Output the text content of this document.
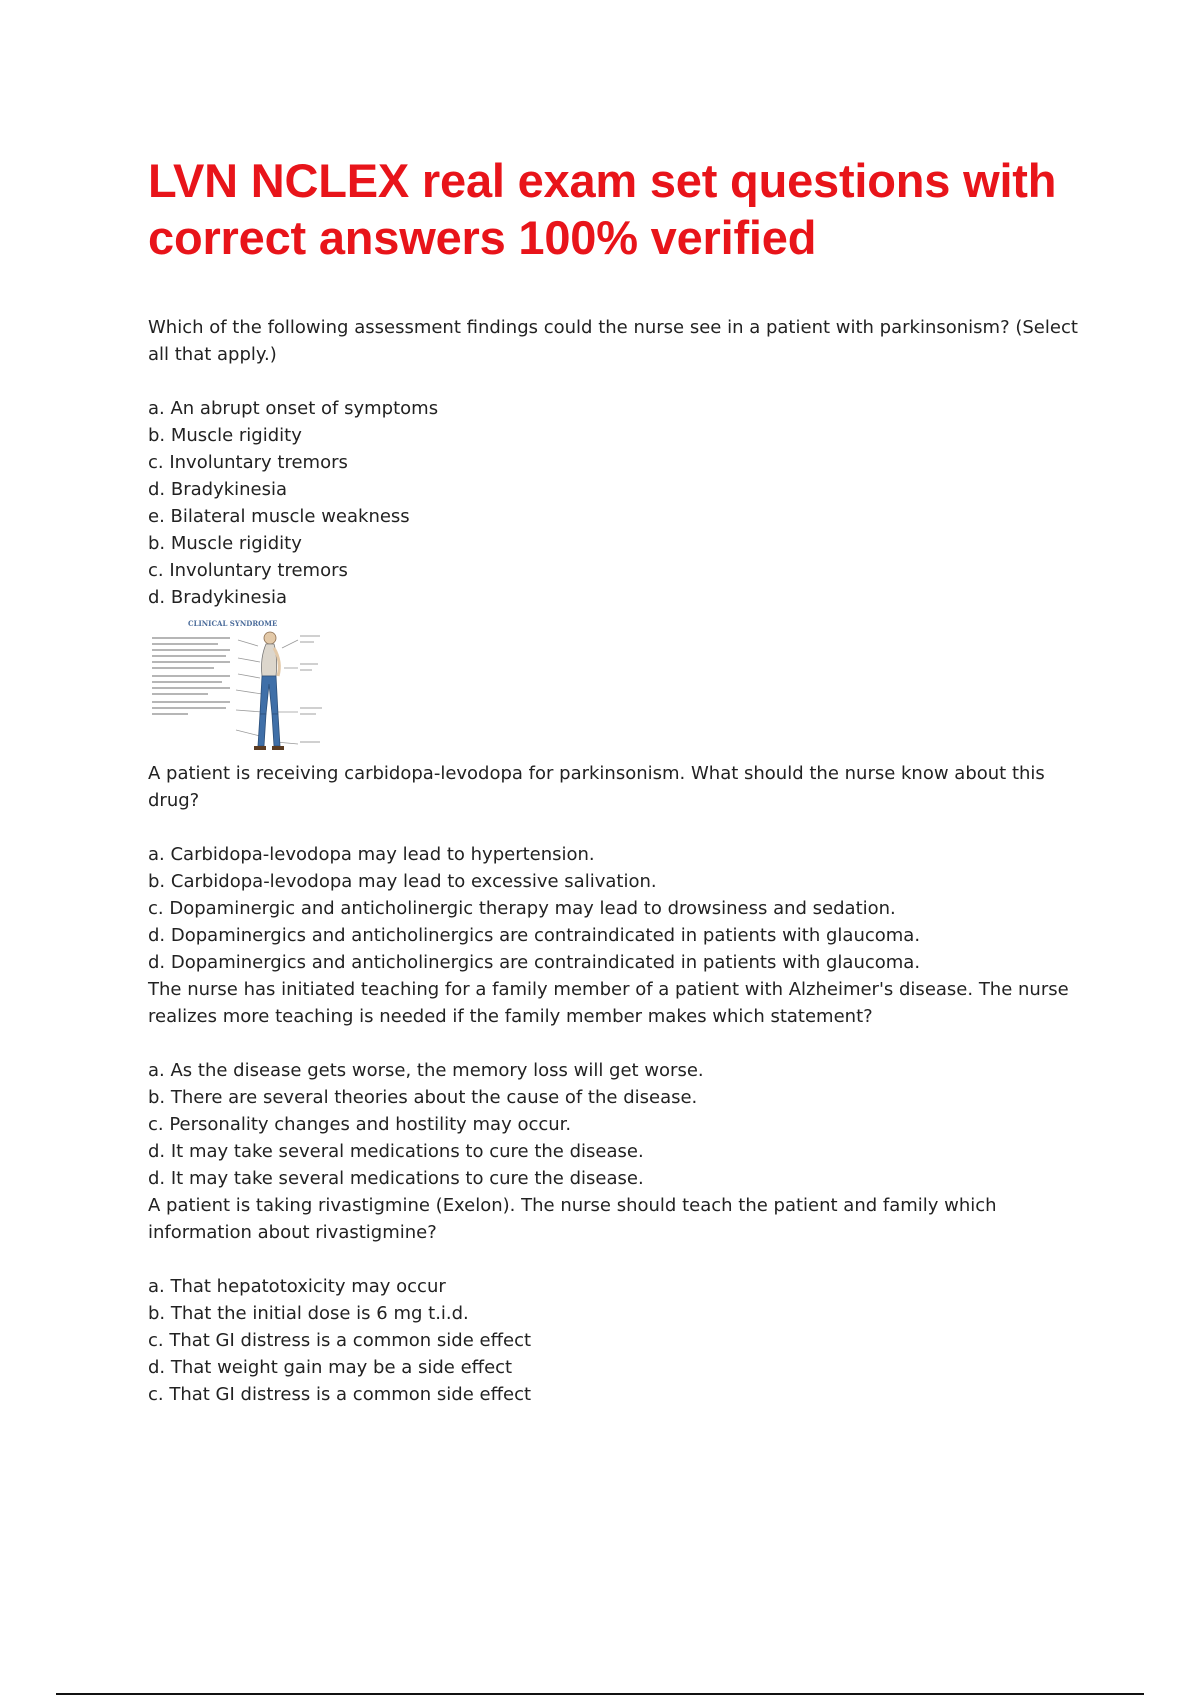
LVN NCLEX real exam set questions with
correct answers 100% verified

Which of the following assessment findings could the nurse see in a patient with parkinsonism? (Select
all that apply.)

a. An abrupt onset of symptoms
b. Muscle rigidity
c. Involuntary tremors
d. Bradykinesia
e. Bilateral muscle weakness
b. Muscle rigidity
c. Involuntary tremors
d. Bradykinesia
CLINICAL SYNDROME

A patient is receiving carbidopa-levodopa for parkinsonism. What should the nurse know about this
drug?

a. Carbidopa-levodopa may lead to hypertension.
b. Carbidopa-levodopa may lead to excessive salivation.
c. Dopaminergic and anticholinergic therapy may lead to drowsiness and sedation.
d. Dopaminergics and anticholinergics are contraindicated in patients with glaucoma.
d. Dopaminergics and anticholinergics are contraindicated in patients with glaucoma.

The nurse has initiated teaching for a family member of a patient with Alzheimer's disease. The nurse
realizes more teaching is needed if the family member makes which statement?

a. As the disease gets worse, the memory loss will get worse.
b. There are several theories about the cause of the disease.
c. Personality changes and hostility may occur.
d. It may take several medications to cure the disease.
d. It may take several medications to cure the disease.

A patient is taking rivastigmine (Exelon). The nurse should teach the patient and family which
information about rivastigmine?

a. That hepatotoxicity may occur
b. That the initial dose is 6 mg t.i.d.
c. That GI distress is a common side effect
d. That weight gain may be a side effect
c. That GI distress is a common side effect
